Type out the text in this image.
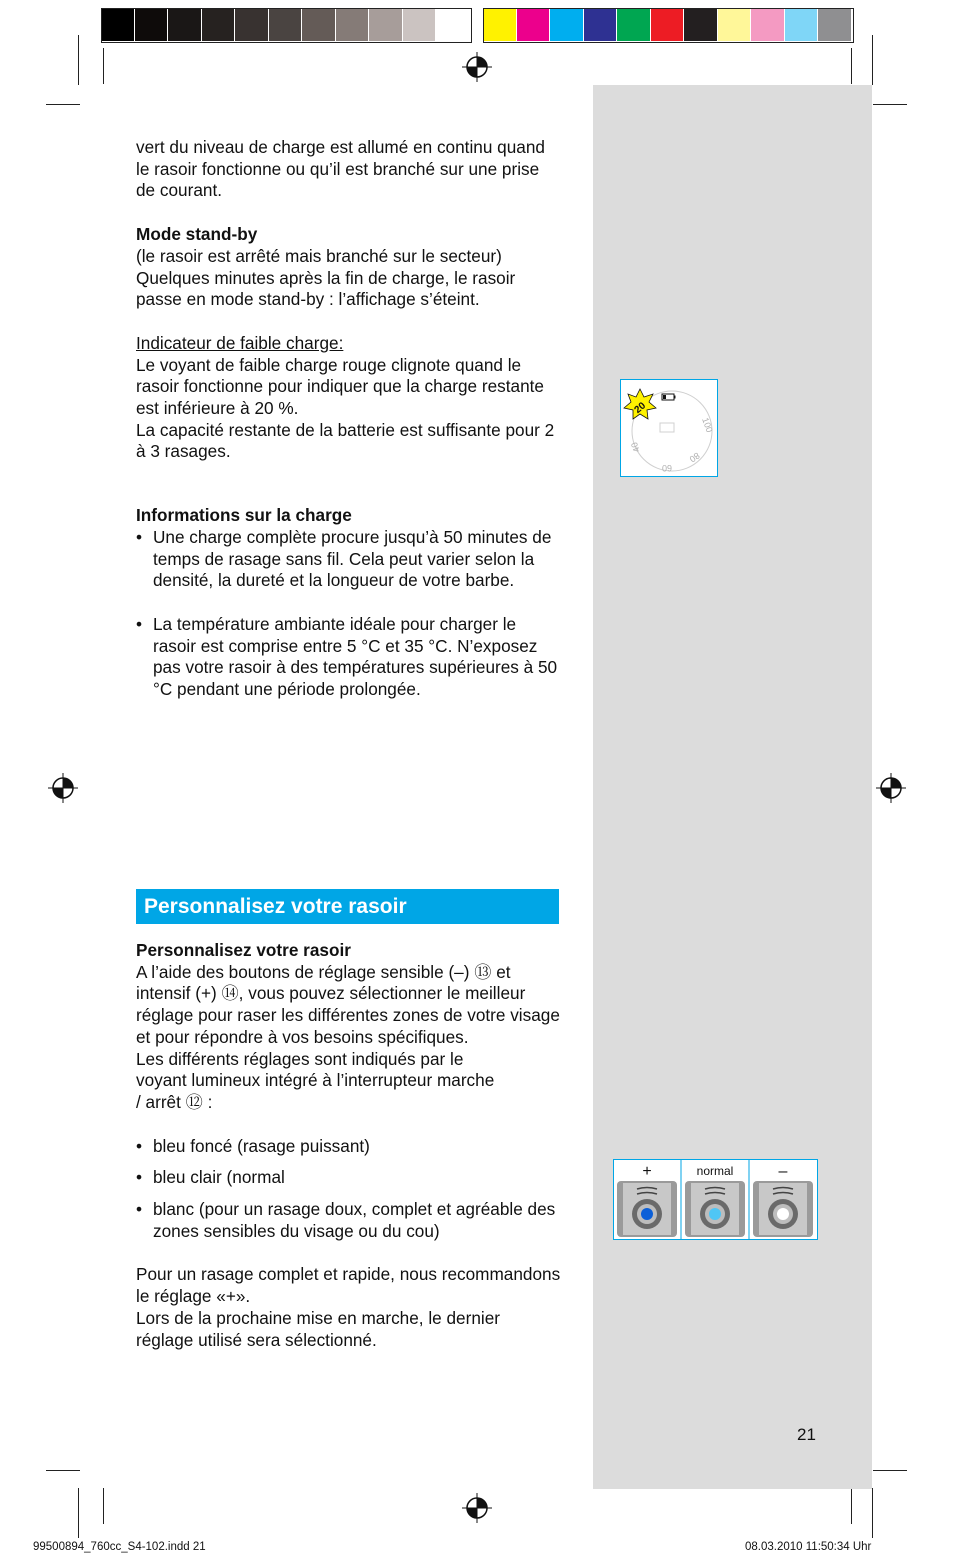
vert du niveau de charge est allumé en continu quand le rasoir fonctionne ou qu’il est branché sur une prise de courant.

Mode stand-by

(le rasoir est arrêté mais branché sur le secteur)

Quelques minutes après la fin de charge, le rasoir passe en mode stand-by : l’affichage s’éteint.

Indicateur de faible charge:

Le voyant de faible charge rouge clignote quand le rasoir fonctionne pour indiquer que la charge restante est inférieure à 20 %.

La capacité restante de la batterie est suffisante pour 2 à 3 rasages.

Informations sur la charge

• Une charge complète procure jusqu’à 50 minutes de temps de rasage sans fil. Cela peut varier selon la densité, la dureté et la longueur de votre barbe.

• La température ambiante idéale pour charger le rasoir est comprise entre 5 °C et 35 °C. N’exposez pas votre rasoir à des températures supérieures à 50 °C pendant une période prolongée.

Personnalisez votre rasoir

Personnalisez votre rasoir

A l’aide des boutons de réglage sensible (–) ⑬ et intensif (+) ⑭, vous pouvez sélectionner le meilleur réglage pour raser les différentes zones de votre visage et pour répondre à vos besoins spécifiques.

Les différents réglages sont indiqués par le voyant lumineux intégré à l’interrupteur marche / arrêt ⑫ :

• bleu foncé (rasage puissant)

• bleu clair (normal

• blanc (pour un rasage doux, complet et agréable des zones sensibles du visage ou du cou)

Pour un rasage complet et rapide, nous recommandons le réglage «+».

Lors de la prochaine mise en marche, le dernier réglage utilisé sera sélectionné.

100
80
60
40
20
+	normal	–
21
99500894_760cc_S4-102.indd 21	08.03.2010 11:50:34 Uhr
